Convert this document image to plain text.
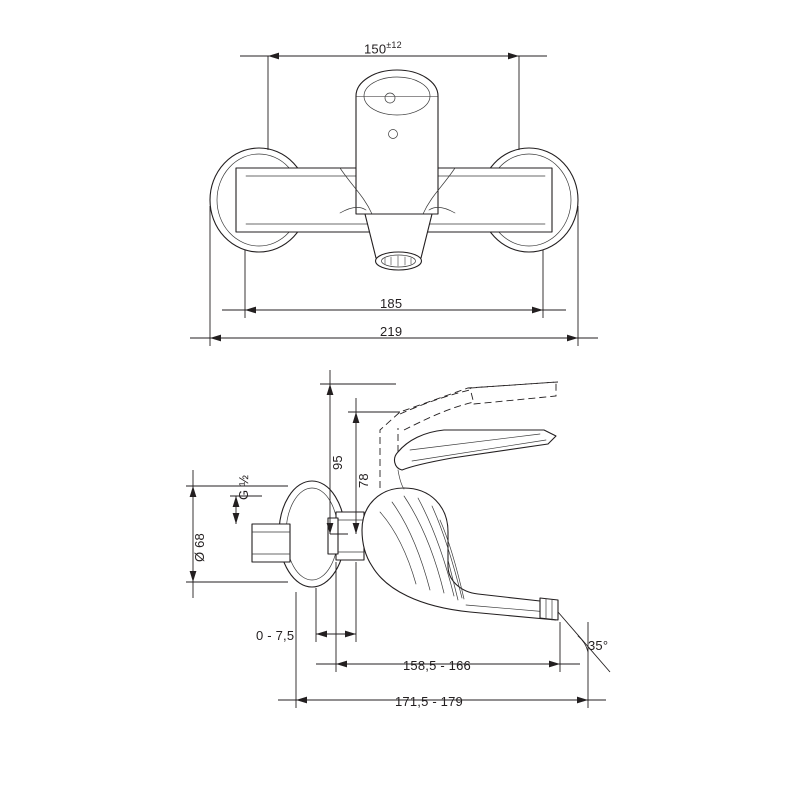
$150^{\pm 12}$
185
219
95
78
Ø 68
G ½
0 - 7,5
158,5 - 166
171,5 - 179
35°
